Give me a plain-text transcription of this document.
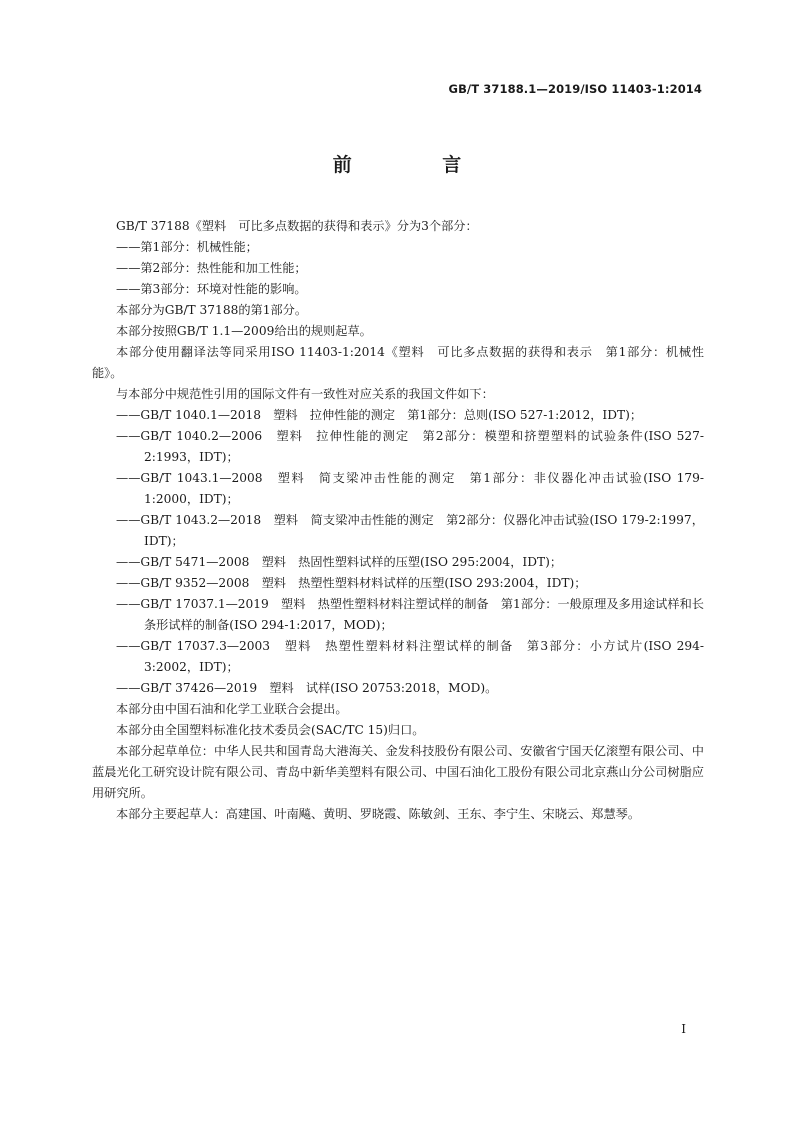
GB/T 37188.1—2019/ISO 11403-1:2014
前 言

GB/T 37188《塑料　可比多点数据的获得和表示》分为3个部分：

——第1部分：机械性能；

——第2部分：热性能和加工性能；

——第3部分：环境对性能的影响。

本部分为GB/T 37188的第1部分。

本部分按照GB/T 1.1—2009给出的规则起草。

本部分使用翻译法等同采用ISO 11403-1:2014《塑料　可比多点数据的获得和表示　第1部分：机械性能》。

与本部分中规范性引用的国际文件有一致性对应关系的我国文件如下：

——GB/T 1040.1—2018　塑料　拉伸性能的测定　第1部分：总则(ISO 527-1:2012，IDT)；

——GB/T 1040.2—2006　塑料　拉伸性能的测定　第2部分：模塑和挤塑塑料的试验条件(ISO 527-2:1993，IDT)；

——GB/T 1043.1—2008　塑料　简支梁冲击性能的测定　第1部分：非仪器化冲击试验(ISO 179-1:2000，IDT)；

——GB/T 1043.2—2018　塑料　简支梁冲击性能的测定　第2部分：仪器化冲击试验(ISO 179-2:1997，IDT)；

——GB/T 5471—2008　塑料　热固性塑料试样的压塑(ISO 295:2004，IDT)；

——GB/T 9352—2008　塑料　热塑性塑料材料试样的压塑(ISO 293:2004，IDT)；

——GB/T 17037.1—2019　塑料　热塑性塑料材料注塑试样的制备　第1部分：一般原理及多用途试样和长条形试样的制备(ISO 294-1:2017，MOD)；

——GB/T 17037.3—2003　塑料　热塑性塑料材料注塑试样的制备　第3部分：小方试片(ISO 294-3:2002，IDT)；

——GB/T 37426—2019　塑料　试样(ISO 20753:2018，MOD)。

本部分由中国石油和化学工业联合会提出。

本部分由全国塑料标准化技术委员会(SAC/TC 15)归口。

本部分起草单位：中华人民共和国青岛大港海关、金发科技股份有限公司、安徽省宁国天亿滚塑有限公司、中蓝晨光化工研究设计院有限公司、青岛中新华美塑料有限公司、中国石油化工股份有限公司北京燕山分公司树脂应用研究所。

本部分主要起草人：高建国、叶南飚、黄明、罗晓霞、陈敏剑、王东、李宁生、宋晓云、郑慧琴。

I
